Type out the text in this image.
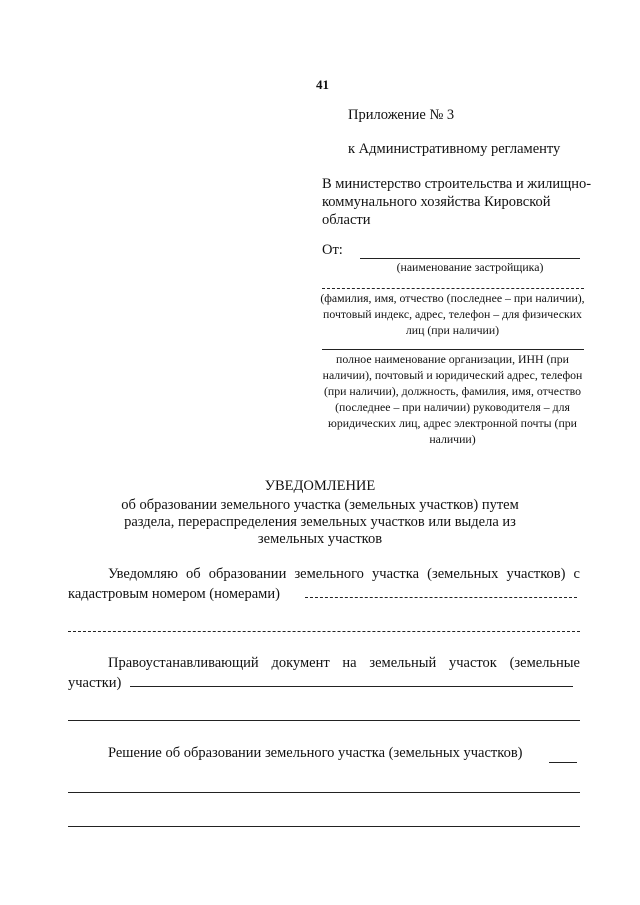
41
Приложение № 3
к Административному регламенту
В министерство строительства и жилищно-коммунального хозяйства Кировской области
От:
(наименование застройщика)
(фамилия, имя, отчество (последнее – при наличии), почтовый индекс, адрес, телефон – для физических лиц (при наличии)
полное наименование организации, ИНН (при наличии), почтовый и юридический адрес, телефон (при наличии), должность, фамилия, имя, отчество (последнее – при наличии) руководителя – для юридических лиц, адрес электронной почты (при наличии)
УВЕДОМЛЕНИЕ
об образовании земельного участка (земельных участков) путем раздела, перераспределения земельных участков или выдела из земельных участков
Уведомляю об образовании земельного участка (земельных участков) с кадастровым номером (номерами)
Правоустанавливающий документ на земельный участок (земельные участки)
Решение об образовании земельного участка (земельных участков)
